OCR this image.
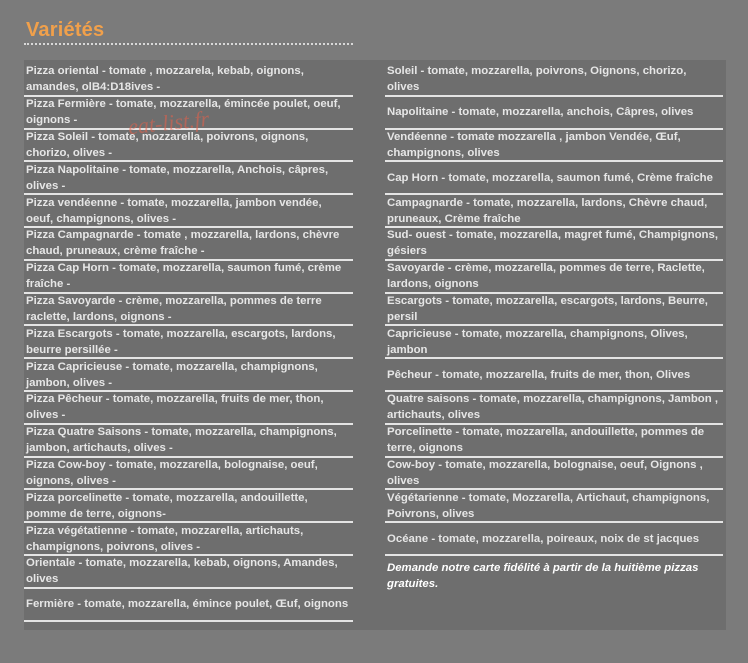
Variétés
Pizza oriental - tomate , mozzarela, kebab, oignons, amandes, olB4:D18ives -
Pizza Fermière - tomate, mozzarella, émincée poulet, oeuf, oignons -
Pizza Soleil - tomate, mozzarella, poivrons, oignons, chorizo, olives -
Pizza Napolitaine - tomate, mozzarella, Anchois, câpres, olives -
Pizza vendéenne - tomate, mozzarella, jambon vendée, oeuf, champignons, olives -
Pizza Campagnarde - tomate , mozzarella, lardons, chèvre chaud, pruneaux, crème fraîche -
Pizza Cap Horn - tomate, mozzarella, saumon fumé, crème fraîche -
Pizza Savoyarde - crème, mozzarella, pommes de terre raclette, lardons, oignons -
Pizza Escargots - tomate, mozzarella, escargots, lardons, beurre persillée -
Pizza Capricieuse - tomate, mozzarella, champignons, jambon, olives -
Pizza Pêcheur - tomate, mozzarella, fruits de mer, thon, olives -
Pizza Quatre Saisons - tomate, mozzarella, champignons, jambon, artichauts, olives -
Pizza Cow-boy - tomate, mozzarella, bolognaise, oeuf, oignons, olives -
Pizza porcelinette - tomate, mozzarella, andouillette, pomme de terre, oignons-
Pizza végétatienne - tomate, mozzarella, artichauts, champignons, poivrons, olives -
Orientale - tomate, mozzarella, kebab, oignons, Amandes, olives
Fermière - tomate, mozzarella, émince poulet, Œuf, oignons
Soleil - tomate, mozzarella, poivrons, Oignons, chorizo, olives
Napolitaine - tomate, mozzarella, anchois, Câpres, olives
Vendéenne - tomate mozzarella , jambon Vendée, Œuf, champignons, olives
Cap Horn - tomate, mozzarella, saumon fumé, Crème fraîche
Campagnarde - tomate, mozzarella, lardons, Chèvre chaud, pruneaux, Crème fraîche
Sud- ouest - tomate, mozzarella, magret fumé, Champignons, gésiers
Savoyarde - crème, mozzarella, pommes de terre, Raclette, lardons, oignons
Escargots - tomate, mozzarella, escargots, lardons, Beurre, persil
Capricieuse - tomate, mozzarella, champignons, Olives, jambon
Pêcheur - tomate, mozzarella, fruits de mer, thon, Olives
Quatre saisons - tomate, mozzarella, champignons, Jambon , artichauts, olives
Porcelinette - tomate, mozzarella, andouillette, pommes de terre, oignons
Cow-boy - tomate, mozzarella, bolognaise, oeuf, Oignons , olives
Végétarienne - tomate, Mozzarella, Artichaut, champignons, Poivrons, olives
Océane - tomate, mozzarella, poireaux, noix de st jacques
Demande notre carte fidélité à partir de la huitième pizzas gratuites.
eat-list.fr
